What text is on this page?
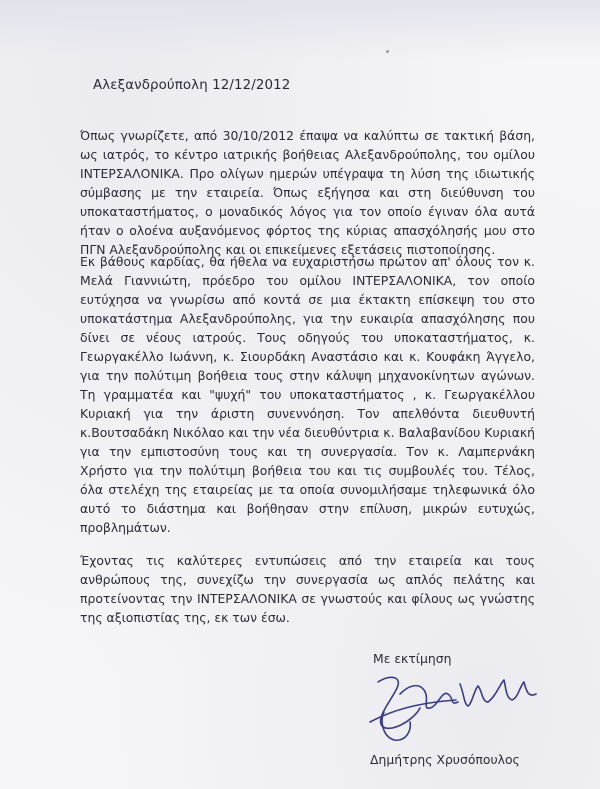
Αλεξανδρούπολη 12/12/2012

Όπως γνωρίζετε, από 30/10/2012 έπαψα να καλύπτω σε τακτική βάση, ως ιατρός, το κέντρο ιατρικής βοήθειας Αλεξανδρούπολης, του ομίλου ΙΝΤΕΡΣΑΛΟΝΙΚΑ. Προ ολίγων ημερών υπέγραψα τη λύση της ιδιωτικής σύμβασης με την εταιρεία. Όπως εξήγησα και στη διεύθυνση του υποκαταστήματος, ο μοναδικός λόγος για τον οποίο έγιναν όλα αυτά ήταν ο ολοένα αυξανόμενος φόρτος της κύριας απασχόλησής μου στο ΠΓΝ Αλεξανδρούπολης και οι επικείμενες εξετάσεις πιστοποίησης.

Εκ βάθους καρδίας, θα ήθελα να ευχαριστήσω πρώτον απ' όλους τον κ. Μελά Γιαννιώτη, πρόεδρο του ομίλου ΙΝΤΕΡΣΑΛΟΝΙΚΑ, τον οποίο ευτύχησα να γνωρίσω από κοντά σε μια έκτακτη επίσκεψη του στο υποκατάστημα Αλεξανδρούπολης, για την ευκαιρία απασχόλησης που δίνει σε νέους ιατρούς. Τους οδηγούς του υποκαταστήματος, κ. Γεωργακέλλο Ιωάννη, κ. Σιουρδάκη Αναστάσιο και κ. Κουφάκη Άγγελο, για την πολύτιμη βοήθεια τους στην κάλυψη μηχανοκίνητων αγώνων. Τη γραμματέα και "ψυχή" του υποκαταστήματος , κ. Γεωργακέλλου Κυριακή για την άριστη συνεννόηση. Τον απελθόντα διευθυντή κ.Βουτσαδάκη Νικόλαο και την νέα διευθύντρια κ. Βαλαβανίδου Κυριακή για την εμπιστοσύνη τους και τη συνεργασία. Τον κ. Λαμπερνάκη Χρήστο για την πολύτιμη βοήθεια του και τις συμβουλές του. Τέλος, όλα στελέχη της εταιρείας με τα οποία συνομιλήσαμε τηλεφωνικά όλο αυτό το διάστημα και βοήθησαν στην επίλυση, μικρών ευτυχώς, προβλημάτων.

Έχοντας τις καλύτερες εντυπώσεις από την εταιρεία και τους ανθρώπους της, συνεχίζω την συνεργασία ως απλός πελάτης και προτείνοντας την ΙΝΤΕΡΣΑΛΟΝΙΚΑ σε γνωστούς και φίλους ως γνώστης της αξιοπιστίας της, εκ των έσω.

Με εκτίμηση
Δημήτρης Χρυσόπουλος
